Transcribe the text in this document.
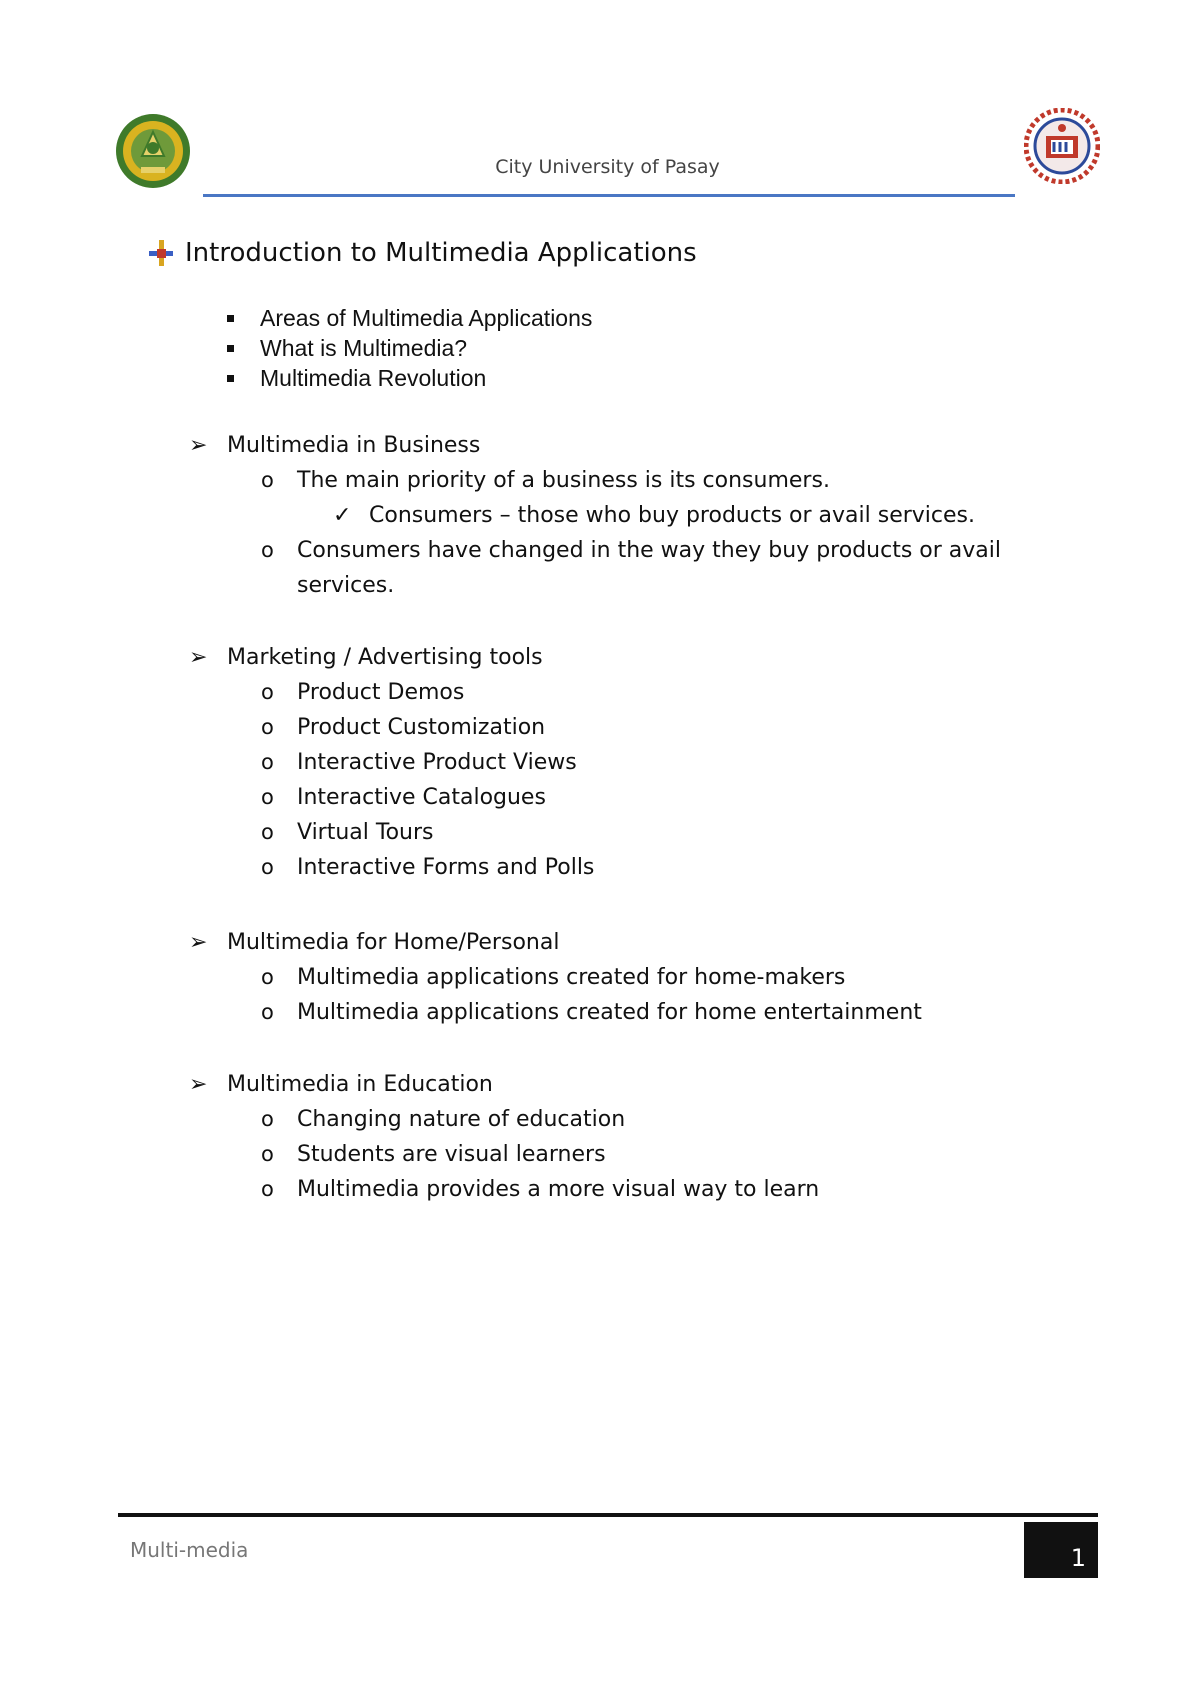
City University of Pasay
Introduction to Multimedia Applications
Areas of Multimedia Applications
What is Multimedia?
Multimedia Revolution
➢ Multimedia in Business
o	The main priority of a business is its consumers.
✓ Consumers – those who buy products or avail services.
o	Consumers have changed in the way they buy products or avail services.
➢ Marketing / Advertising tools
o	Product Demos
o	Product Customization
o	Interactive Product Views
o	Interactive Catalogues
o	Virtual Tours
o	Interactive Forms and Polls
➢ Multimedia for Home/Personal
o	Multimedia applications created for home-makers
o	Multimedia applications created for home entertainment
➢ Multimedia in Education
o	Changing nature of education
o	Students are visual learners
o	Multimedia provides a more visual way to learn
Multi-media	1
